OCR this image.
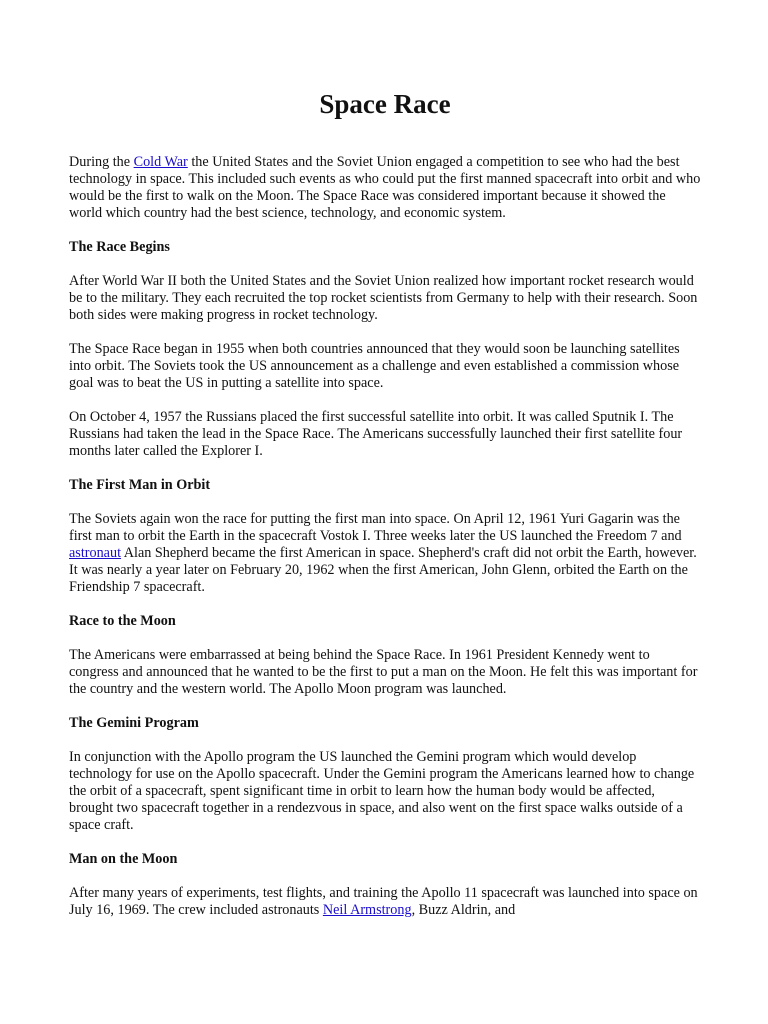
Space Race

During the Cold War the United States and the Soviet Union engaged a competition to see who had the best technology in space. This included such events as who could put the first manned spacecraft into orbit and who would be the first to walk on the Moon. The Space Race was considered important because it showed the world which country had the best science, technology, and economic system.

The Race Begins

After World War II both the United States and the Soviet Union realized how important rocket research would be to the military. They each recruited the top rocket scientists from Germany to help with their research. Soon both sides were making progress in rocket technology.

The Space Race began in 1955 when both countries announced that they would soon be launching satellites into orbit. The Soviets took the US announcement as a challenge and even established a commission whose goal was to beat the US in putting a satellite into space.

On October 4, 1957 the Russians placed the first successful satellite into orbit. It was called Sputnik I. The Russians had taken the lead in the Space Race. The Americans successfully launched their first satellite four months later called the Explorer I.

The First Man in Orbit

The Soviets again won the race for putting the first man into space. On April 12, 1961 Yuri Gagarin was the first man to orbit the Earth in the spacecraft Vostok I. Three weeks later the US launched the Freedom 7 and astronaut Alan Shepherd became the first American in space. Shepherd's craft did not orbit the Earth, however. It was nearly a year later on February 20, 1962 when the first American, John Glenn, orbited the Earth on the Friendship 7 spacecraft.

Race to the Moon

The Americans were embarrassed at being behind the Space Race. In 1961 President Kennedy went to congress and announced that he wanted to be the first to put a man on the Moon. He felt this was important for the country and the western world. The Apollo Moon program was launched.

The Gemini Program

In conjunction with the Apollo program the US launched the Gemini program which would develop technology for use on the Apollo spacecraft. Under the Gemini program the Americans learned how to change the orbit of a spacecraft, spent significant time in orbit to learn how the human body would be affected, brought two spacecraft together in a rendezvous in space, and also went on the first space walks outside of a space craft.

Man on the Moon

After many years of experiments, test flights, and training the Apollo 11 spacecraft was launched into space on July 16, 1969. The crew included astronauts Neil Armstrong, Buzz Aldrin, and
